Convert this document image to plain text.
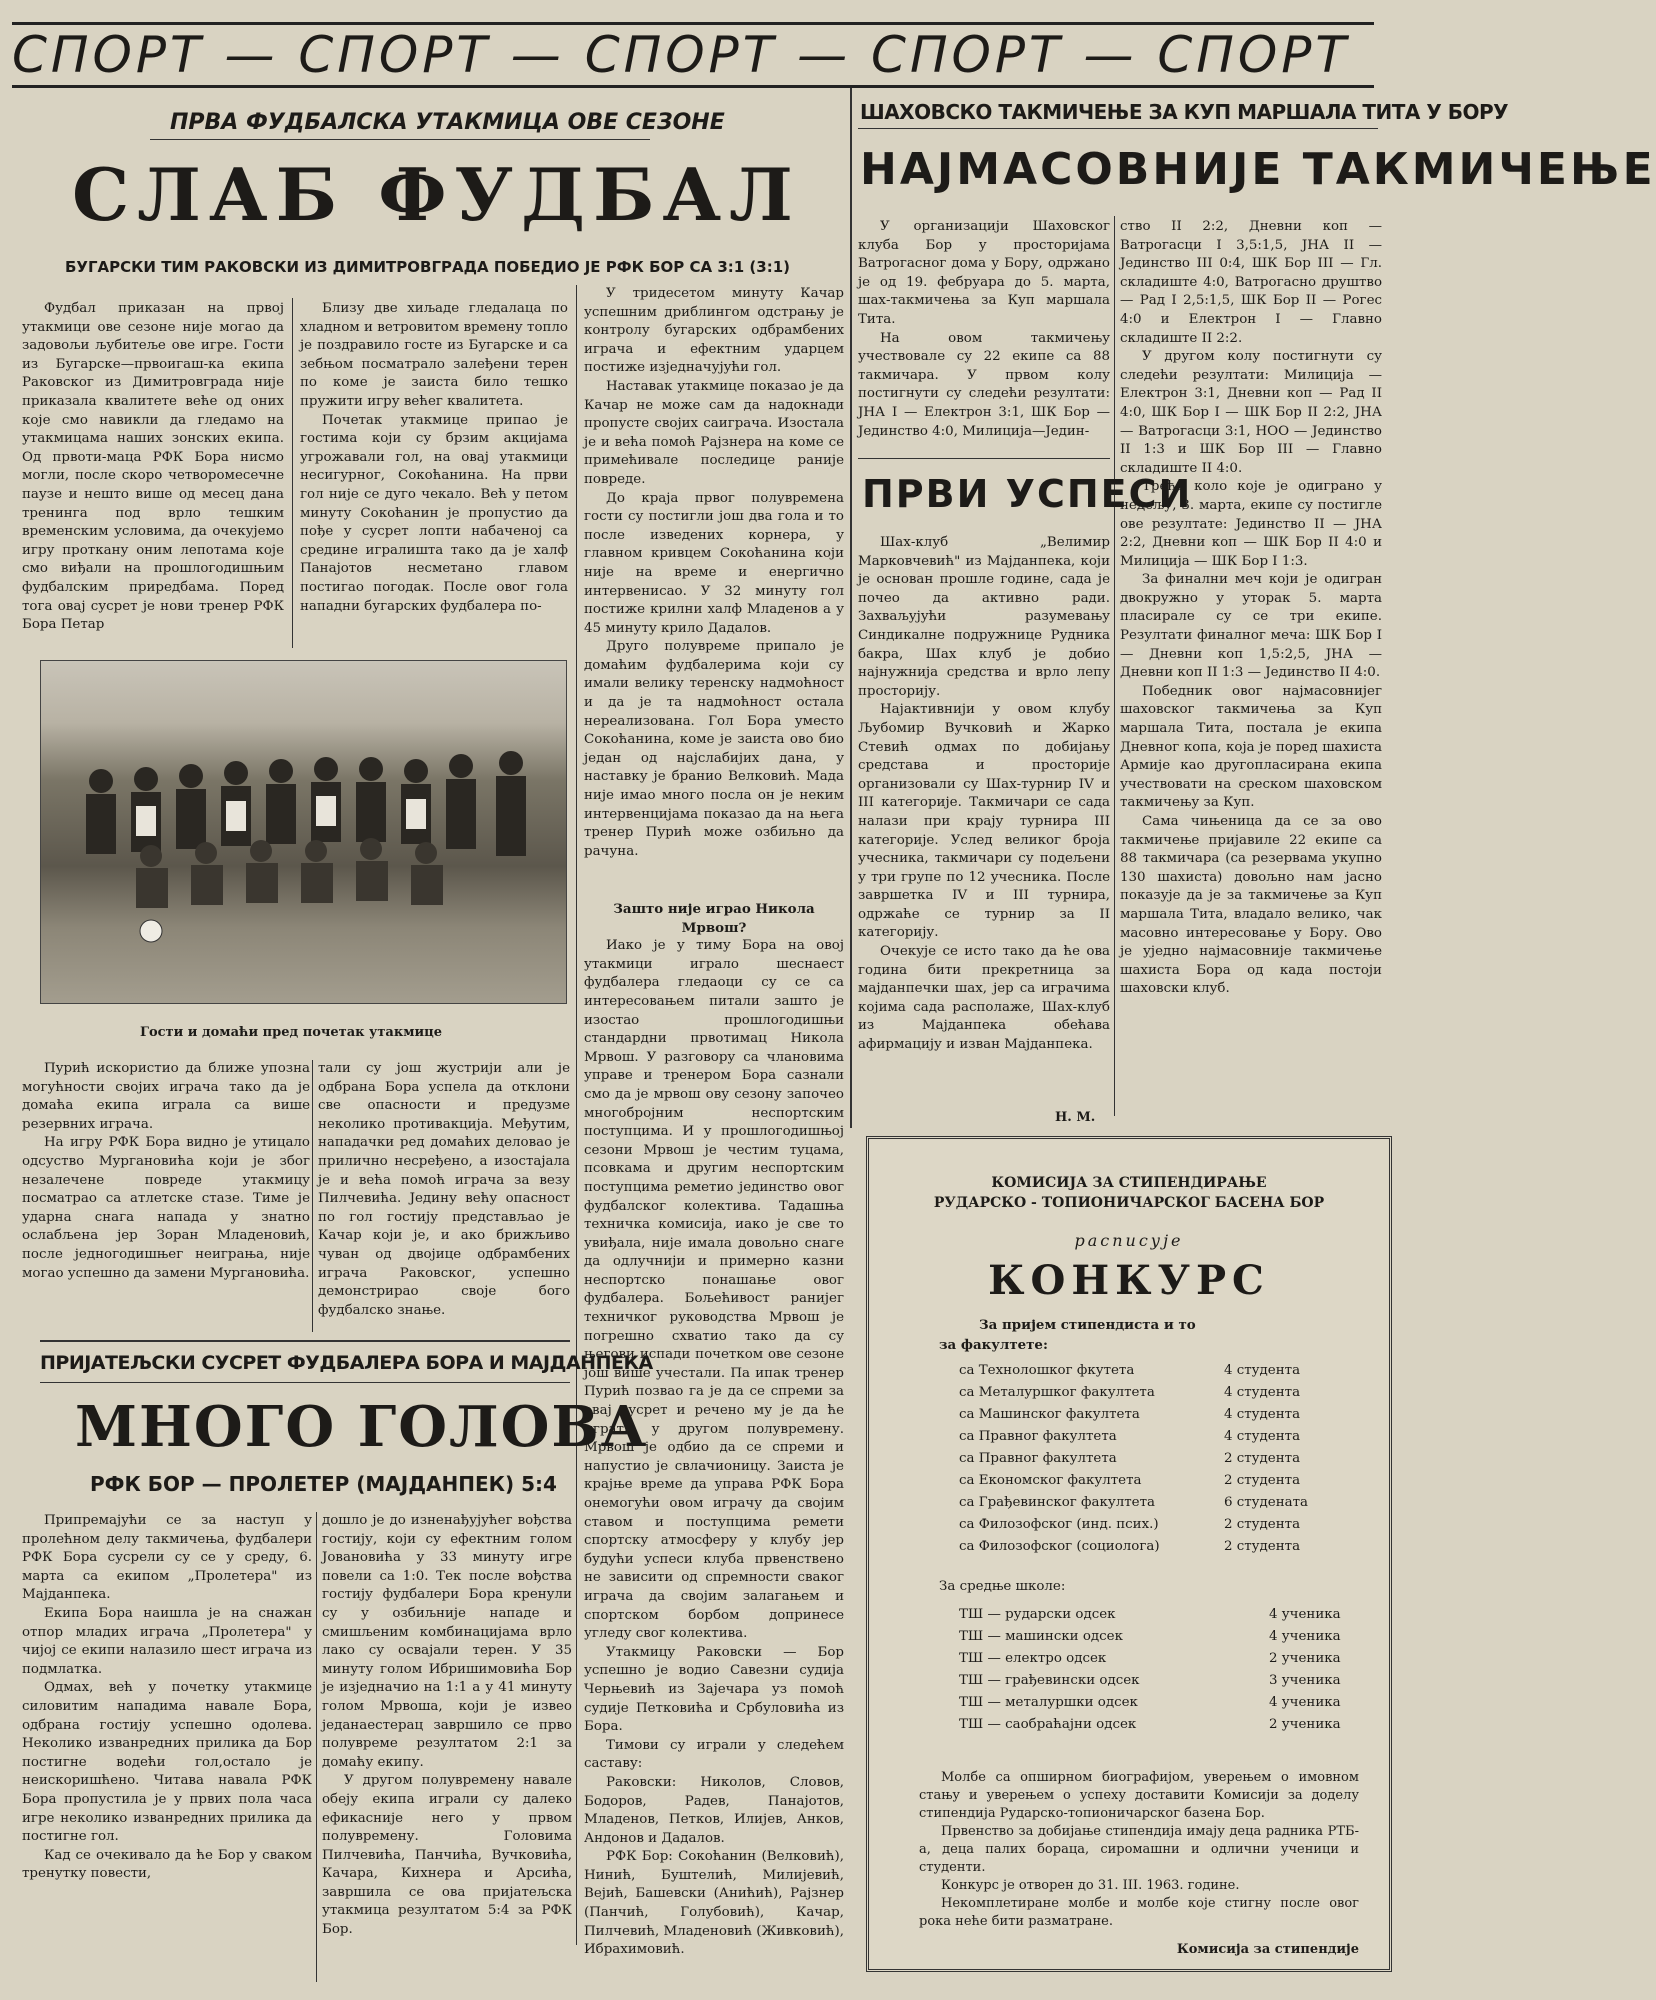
СПОРТ — СПОРТ — СПОРТ — СПОРТ — СПОРТ
ПРВА ФУДБАЛСКА УТАКМИЦА ОВЕ СЕЗОНЕ
СЛАБ ФУДБАЛ
БУГАРСКИ ТИМ РАКОВСКИ ИЗ ДИМИТРОВГРАДА ПОБЕДИО ЈЕ РФК БОР СА 3:1 (3:1)

Фудбал приказан на првој утакмици ове сезоне није могао да задовољи љубитеље ове игре. Гости из Бугарске—првоигаш-ка екипа Раковског из Димитровграда није приказала квалитете веће од оних које смо навикли да гледамо на утакмицама наших зонских екипа. Од првоти-маца РФК Бора нисмо могли, после скоро четворомесечне паузе и нешто више од месец дана тренинга под врло тешким временским условима, да очекујемо игру проткану оним лепотама које смо виђали на прошлогодишњим фудбалским приредбама. Поред тога овај сусрет је нови тренер РФК Бора Петар

Близу две хиљаде гледалаца по хладном и ветровитом времену топло је поздравило госте из Бугарске и са зебњом посматрало залеђени терен по коме је заиста било тешко пружити игру већег квалитета.

Почетак утакмице припао је гостима који су брзим акцијама угрожавали гол, на овај утакмици несигурног, Сокоћанина. На први гол није се дуго чекало. Већ у петом минуту Сокоћанин је пропустио да пође у сусрет лопти набаченој са средине игралишта тако да је халф Панајотов несметано главом постигао погодак. После овог гола нападни бугарских фудбалера по-

У тридесетом минуту Качар успешним дриблингом одстрању је контролу бугарских одбрамбених играча и ефектним ударцем постиже изједначујући гол.

Наставак утакмице показао је да Качар не може сам да надокнади пропусте својих саиграча. Изостала је и већа помоћ Рајзнера на коме се примећивале последице раније повреде.

До краја првог полувремена гости су постигли још два гола и то после изведених корнера, у главном кривцем Сокоћанина који није на време и енергично интервенисао. У 32 минуту гол постиже крилни халф Младенов а у 45 минуту крило Дадалов.

Друго полувреме припало је домаћим фудбалерима који су имали велику теренску надмоћност и да је та надмоћност остала нереализована. Гол Бора уместо Сокоћанина, коме је заиста ово био један од најслабијих дана, у наставку је бранио Велковић. Мада није имао много посла он је неким интервенцијама показао да на њега тренер Пурић може озбиљно да рачуна.

Зашто није играо Никола Мрвош?

Иако је у тиму Бора на овој утакмици играло шеснаест фудбалера гледаоци су се са интересовањем питали зашто је изостао прошлогодишњи стандардни првотимац Никола Мрвош. У разговору са члановима управе и тренером Бора сазнали смо да је мрвош ову сезону започео многобројним неспортским поступцима. И у прошлогодишњој сезони Мрвош је честим туцама, псовкама и другим неспортским поступцима реметио јединство овог фудбалског колектива. Тадашња техничка комисија, иако је све то увиђала, није имала довољно снаге да одлучнији и примерно казни неспортско понашање овог фудбалера. Бољећивост ранијег техничког руководства Мрвош је погрешно схватио тако да су његови испади почетком ове сезоне још више учестали. Па ипак тренер Пурић позвао га је да се спреми за овај сусрет и речено му је да ће играти у другом полувремену. Мрвош је одбио да се спреми и напустио је свлачионицу. Заиста је крајње време да управа РФК Бора онемогући овом играчу да својим ставом и поступцима ремети спортску атмосферу у клубу јер будући успеси клуба првенствено не зависити од спремности сваког играча да својим залагањем и спортском борбом допринесе угледу свог колектива.

Утакмицу Раковски — Бор успешно је водио Савезни судија Черњевић из Зајечара уз помоћ судије Петковића и Србуловића из Бора.

Тимови су играли у следећем саставу:

Раковски: Николов, Словов, Бодоров, Радев, Панајотов, Младенов, Петков, Илијев, Анков, Андонов и Дадалов.

РФК Бор: Сокоћанин (Велковић), Нинић, Буштелић, Милијевић, Вејић, Башевски (Анићић), Рајзнер (Панчић, Голубовић), Качар, Пилчевић, Младеновић (Живковић), Ибрахимовић.

Гости и домаћи пред почетак утакмице

Пурић искористио да ближе упозна могућности својих играча тако да је домаћа екипа играла са више резервних играча.

На игру РФК Бора видно је утицало одсуство Мургановића који је због незалечене повреде утакмицу посматрао са атлетске стазе. Тиме је ударна снага напада у знатно ослабљена јер Зоран Младеновић, после једногодишњег неиграња, није могао успешно да замени Мургановића.

тали су још жустрији али је одбрана Бора успела да отклони све опасности и предузме неколико противакција. Међутим, нападачки ред домаћих деловао је прилично несређено, а изостајала је и већа помоћ играча за везу Пилчевића. Једину већу опасност по гол гостију представљао је Качар који је, и ако брижљиво чуван од двојице одбрамбених играча Раковског, успешно демонстрирао своје бого фудбалско знање.

ПРИЈАТЕЉСКИ СУСРЕТ ФУДБАЛЕРА БОРА И МАЈДАНПЕКА
МНОГО ГОЛОВА
РФК БОР — ПРОЛЕТЕР (МАЈДАНПЕК) 5:4

Припремајући се за наступ у пролећном делу такмичења, фудбалери РФК Бора сусрели су се у среду, 6. марта са екипом „Пролетера" из Мајданпека.

Екипа Бора наишла је на снажан отпор младих играча „Пролетера" у чијој се екипи налазило шест играча из подмлатка.

Одмах, већ у почетку утакмице силовитим нападима навале Бора, одбрана гостију успешно одолева. Неколико изванредних прилика да Бор постигне водећи гол,остало је неискоришћено. Читава навала РФК Бора пропустила је у првих пола часа игре неколико изванредних прилика да постигне гол.

Кад се очекивало да ће Бор у сваком тренутку повести,

дошло је до изненађујућег вођства гостију, који су ефектним голом Јовановића у 33 минуту игре повели са 1:0. Тек после вођства гостију фудбалери Бора кренули су у озбиљније нападе и смишљеним комбинацијама врло лако су освајали терен. У 35 минуту голом Ибришимовића Бор је изједначио на 1:1 а у 41 минуту голом Мрвоша, који је извео једанаестерац завршило се прво полувреме резултатом 2:1 за домаћу екипу.

У другом полувремену навале обеју екипа играли су далеко ефикасније него у првом полувремену. Головима Пилчевића, Панчића, Вучковића, Качара, Кихнера и Арсића, завршила се ова пријатељска утакмица резултатом 5:4 за РФК Бор.

ШАХОВСКО ТАКМИЧЕЊЕ ЗА КУП МАРШАЛА ТИТА У БОРУ
НАЈМАСОВНИЈЕ ТАКМИЧЕЊЕ

У организацији Шаховског клуба Бор у просторијама Ватрогасног дома у Бору, одржано је од 19. фебруара до 5. марта, шах-такмичења за Куп маршала Тита.

На овом такмичењу учествовале су 22 екипе са 88 такмичара. У првом колу постигнути су следећи резултати: ЈНА I — Електрон 3:1, ШК Бор — Јединство 4:0, Милиција—Једин-

ство II 2:2, Дневни коп — Ватрогасци I 3,5:1,5, ЈНА II — Јединство III 0:4, ШК Бор III — Гл. складиште 4:0, Ватрогасно друштво — Рад I 2,5:1,5, ШК Бор II — Рогес 4:0 и Електрон I — Главно складиште II 2:2.

У другом колу постигнути су следећи резултати: Милиција — Електрон 3:1, Дневни коп — Рад II 4:0, ШК Бор I — ШК Бор II 2:2, ЈНА — Ватрогасци 3:1, НОО — Јединство II 1:3 и ШК Бор III — Главно складиште II 4:0.

Треће коло које је одиграно у недељу, 3. марта, екипе су постигле ове резултате: Јединство II — ЈНА 2:2, Дневни коп — ШК Бор II 4:0 и Милиција — ШК Бор I 1:3.

За финални меч који је одигран двокружно у уторак 5. марта пласирале су се три екипе. Резултати финалног меча: ШК Бор I — Дневни коп 1,5:2,5, ЈНА — Дневни коп II 1:3 — Јединство II 4:0.

Победник овог најмасовнијег шаховског такмичења за Куп маршала Тита, постала је екипа Дневног копа, која је поред шахиста Армије као другопласирана екипа учествовати на среском шаховском такмичењу за Куп.

Сама чињеница да се за ово такмичење пријавиле 22 екипе са 88 такмичара (са резервама укупно 130 шахиста) довољно нам јасно показује да је за такмичење за Куп маршала Тита, владало велико, чак масовно интересовање у Бору. Ово је уједно најмасовније такмичење шахиста Бора од када постоји шаховски клуб.

ПРВИ УСПЕСИ

Шах-клуб „Велимир Марковчевић" из Мајданпека, који је основан прошле године, сада је почео да активно ради. Захваљујући разумевању Синдикалне подружнице Рудника бакра, Шах клуб је добио најнужнија средства и врло лепу просторију.

Најактивнији у овом клубу Љубомир Вучковић и Жарко Стевић одмах по добијању средстава и просторије организовали су Шах-турнир IV и III категорије. Такмичари се сада налази при крају турнира III категорије. Услед великог броја учесника, такмичари су подељени у три групе по 12 учесника. После завршетка IV и III турнира, одржаће се турнир за II категорију.

Очекује се исто тако да ће ова година бити прекретница за мајданпечки шах, јер са играчима којима сада располаже, Шах-клуб из Мајданпека обећава афирмацију и изван Мајданпека.

Н. М.
КОМИСИЈА ЗА СТИПЕНДИРАЊЕ
РУДАРСКО - ТОПИОНИЧАРСКОГ БАСЕНА БОР
расписује
КОНКУРС
За пријем стипендиста и то
за факултете:
са Технолошког фкутета	4 студента
са Металуршког факултета	4 студента
са Машинског факултета	4 студента
са Правног факултета	4 студента
са Правног факултета	2 студента
са Економског факултета	2 студента
са Грађевинског факултета	6 студената
са Филозофског (инд. псих.)	2 студента
са Филозофског (социолога)	2 студента
За средње школе:
ТШ — рударски одсек	4 ученика
ТШ — машински одсек	4 ученика
ТШ — електро одсек	2 ученика
ТШ — грађевински одсек	3 ученика
ТШ — металуршки одсек	4 ученика
ТШ — саобраћајни одсек	2 ученика

Молбе са опширном биографијом, уверењем о имовном стању и уверењем о успеху доставити Комисији за доделу стипендија Рударско-топионичарског базена Бор.

Првенство за добијање стипендија имају деца радника РТБ-а, деца палих бораца, сиромашни и одлични ученици и студенти.

Конкурс је отворен до 31. III. 1963. године.

Некомплетиране молбе и молбе које стигну после овог рока неће бити разматране.

Комисија за стипендије
